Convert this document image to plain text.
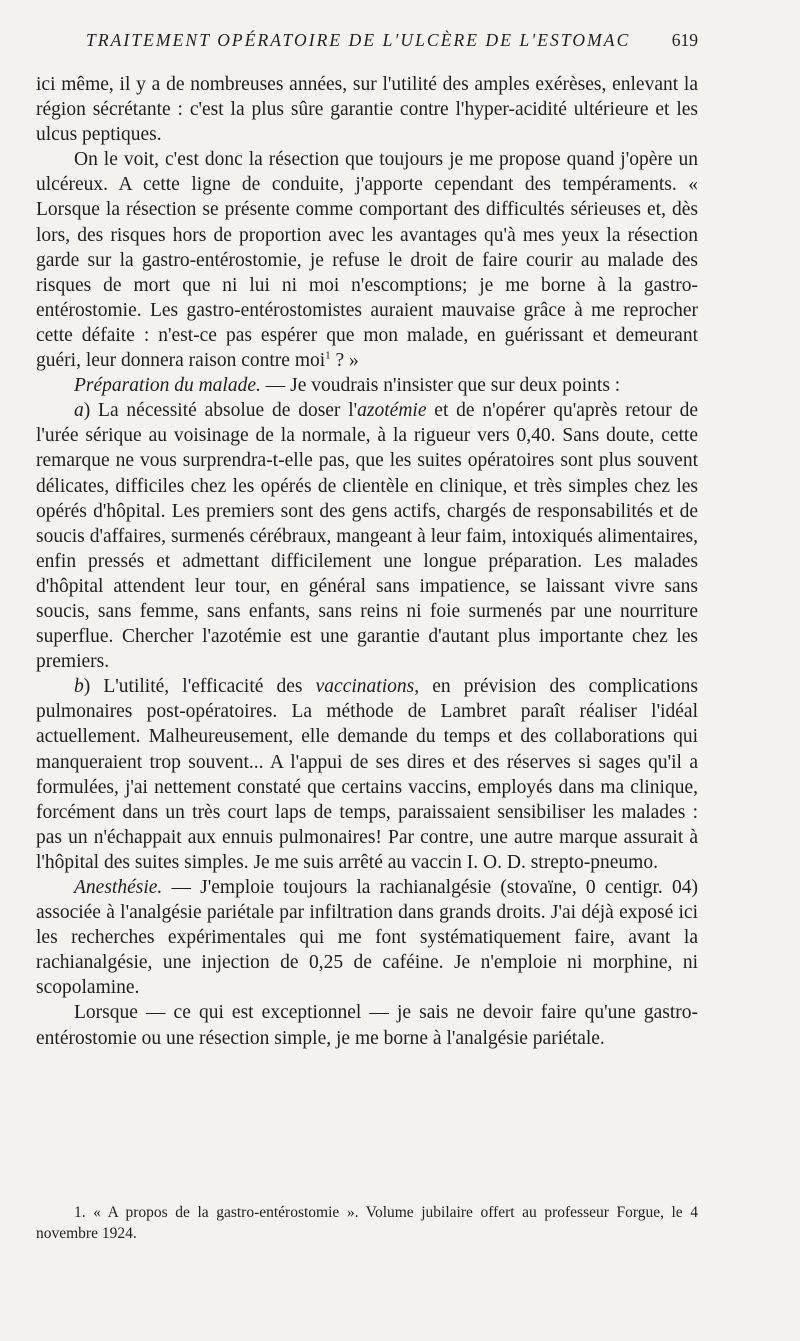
TRAITEMENT OPÉRATOIRE DE L'ULCÈRE DE L'ESTOMAC 619

ici même, il y a de nombreuses années, sur l'utilité des amples exérèses, enlevant la région sécrétante : c'est la plus sûre garantie contre l'hyper-acidité ultérieure et les ulcus peptiques.

On le voit, c'est donc la résection que toujours je me propose quand j'opère un ulcéreux. A cette ligne de conduite, j'apporte cependant des tempéraments. « Lorsque la résection se présente comme comportant des difficultés sérieuses et, dès lors, des risques hors de proportion avec les avantages qu'à mes yeux la résection garde sur la gastro-entérostomie, je refuse le droit de faire courir au malade des risques de mort que ni lui ni moi n'escomptions; je me borne à la gastro-entérostomie. Les gastro-entérostomistes auraient mauvaise grâce à me reprocher cette défaite : n'est-ce pas espérer que mon malade, en guérissant et demeurant guéri, leur donnera raison contre moi$^1$ ? »

Préparation du malade. — Je voudrais n'insister que sur deux points :

a) La nécessité absolue de doser l'azotémie et de n'opérer qu'après retour de l'urée sérique au voisinage de la normale, à la rigueur vers 0,40. Sans doute, cette remarque ne vous surprendra-t-elle pas, que les suites opératoires sont plus souvent délicates, difficiles chez les opérés de clientèle en clinique, et très simples chez les opérés d'hôpital. Les premiers sont des gens actifs, chargés de responsabilités et de soucis d'affaires, surmenés cérébraux, mangeant à leur faim, intoxiqués alimentaires, enfin pressés et admettant difficilement une longue préparation. Les malades d'hôpital attendent leur tour, en général sans impatience, se laissant vivre sans soucis, sans femme, sans enfants, sans reins ni foie surmenés par une nourriture superflue. Chercher l'azotémie est une garantie d'autant plus importante chez les premiers.

b) L'utilité, l'efficacité des vaccinations, en prévision des complications pulmonaires post-opératoires. La méthode de Lambret paraît réaliser l'idéal actuellement. Malheureusement, elle demande du temps et des collaborations qui manqueraient trop souvent... A l'appui de ses dires et des réserves si sages qu'il a formulées, j'ai nettement constaté que certains vaccins, employés dans ma clinique, forcément dans un très court laps de temps, paraissaient sensibiliser les malades : pas un n'échappait aux ennuis pulmonaires! Par contre, une autre marque assurait à l'hôpital des suites simples. Je me suis arrêté au vaccin I. O. D. strepto-pneumo.

Anesthésie. — J'emploie toujours la rachianalgésie (stovaïne, 0 centigr. 04) associée à l'analgésie pariétale par infiltration dans grands droits. J'ai déjà exposé ici les recherches expérimentales qui me font systématiquement faire, avant la rachianalgésie, une injection de 0,25 de caféine. Je n'emploie ni morphine, ni scopolamine.

Lorsque — ce qui est exceptionnel — je sais ne devoir faire qu'une gastro-entérostomie ou une résection simple, je me borne à l'analgésie pariétale.

1. « A propos de la gastro-entérostomie ». Volume jubilaire offert au professeur Forgue, le 4 novembre 1924.
